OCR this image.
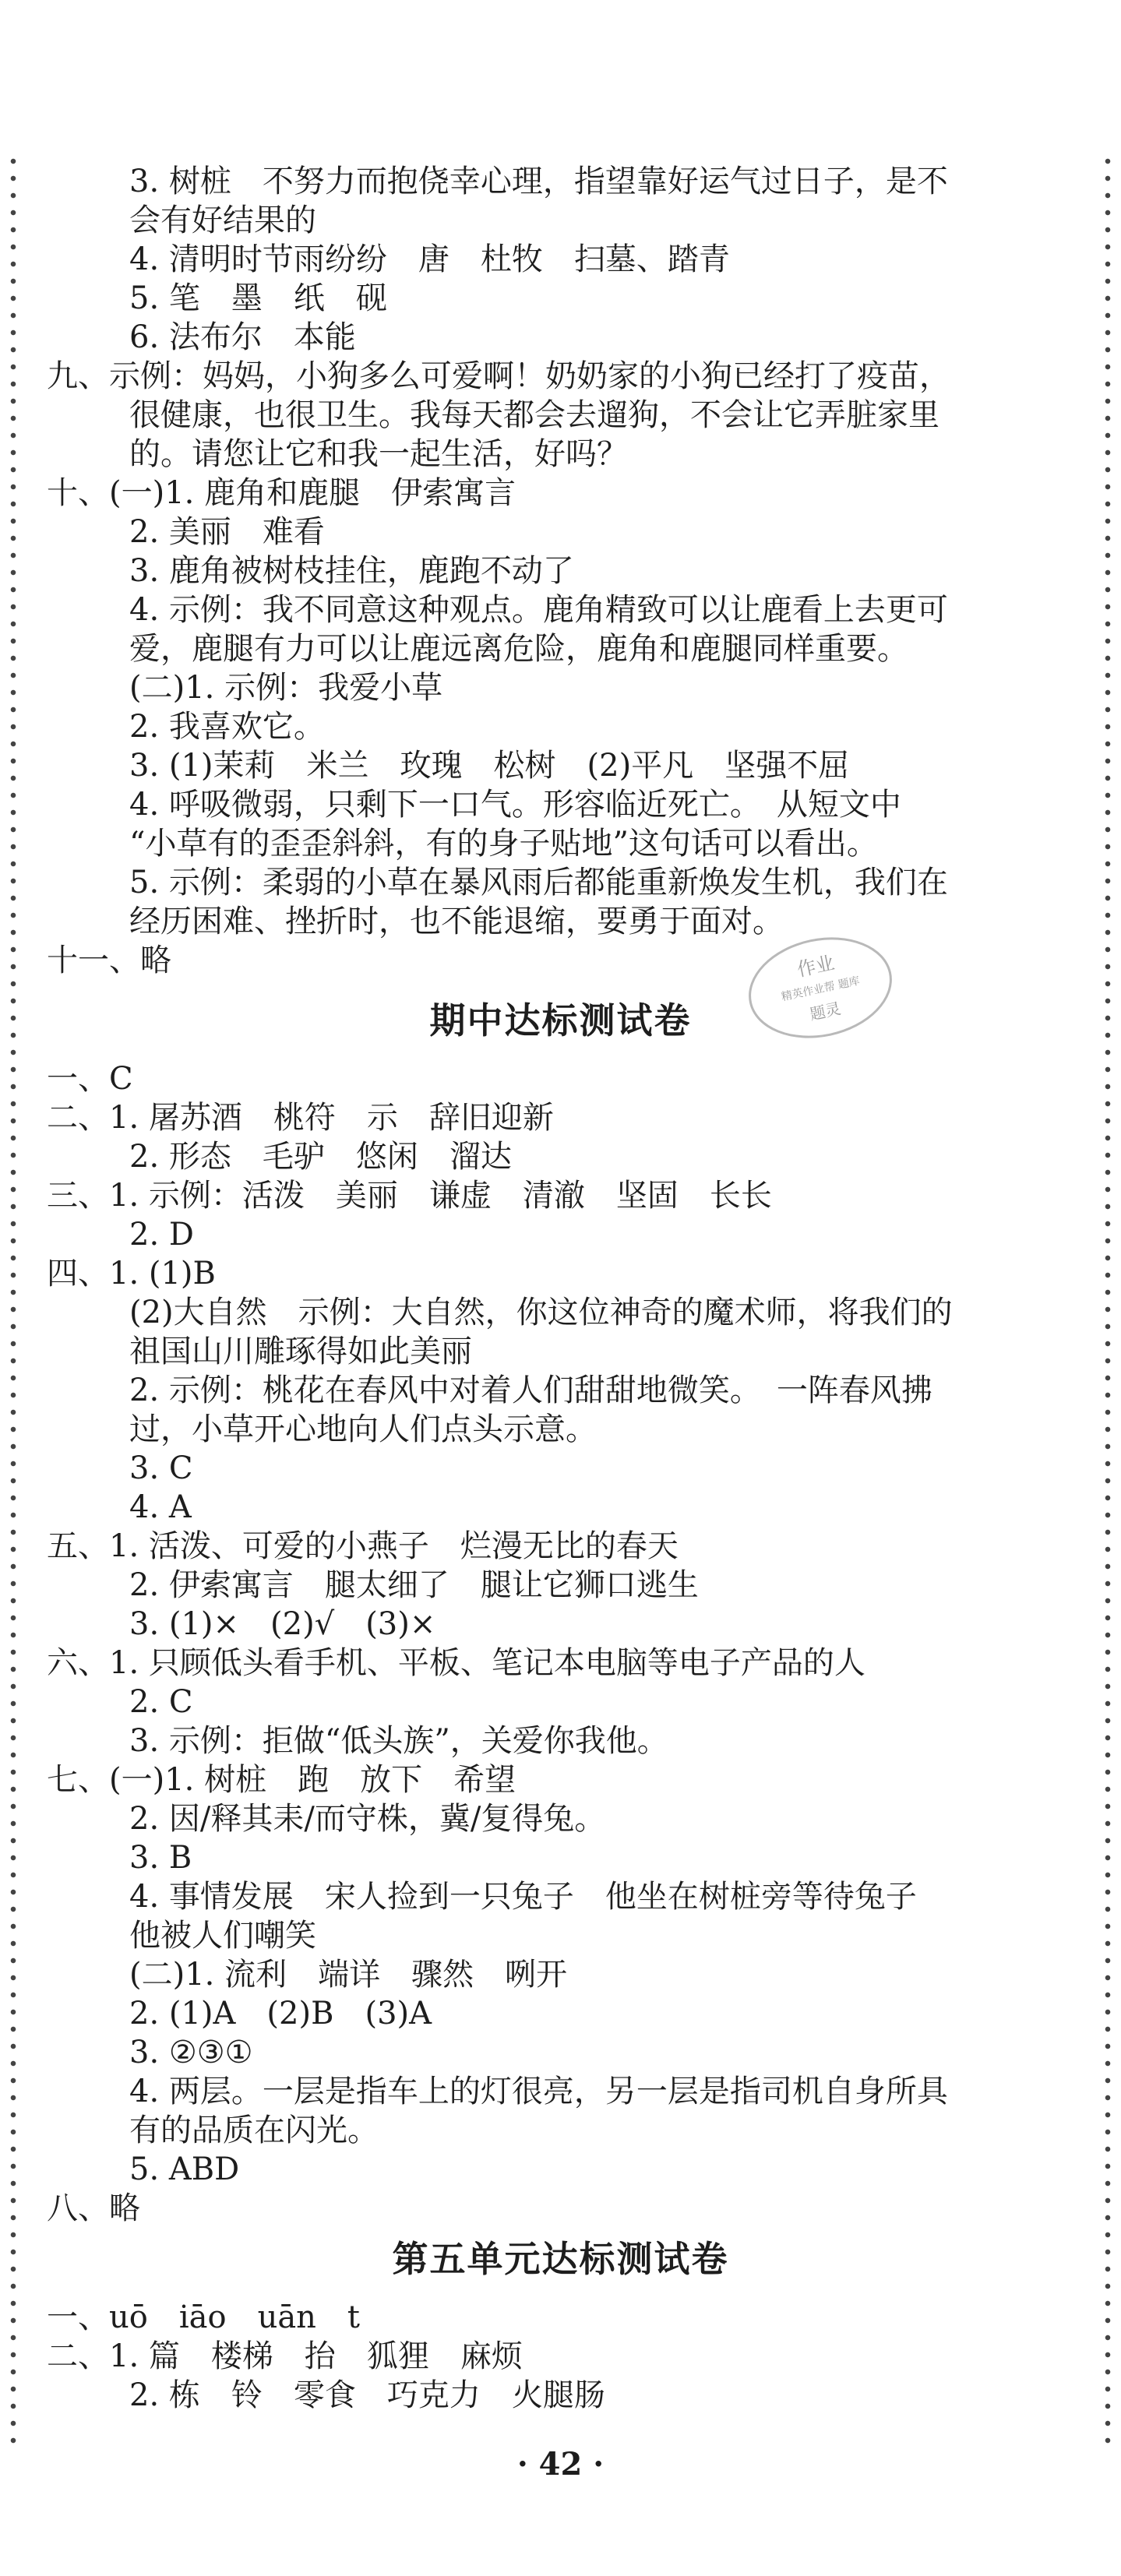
3. 树桩　不努力而抱侥幸心理，指望靠好运气过日子，是不
会有好结果的
4. 清明时节雨纷纷　唐　杜牧　扫墓、踏青
5. 笔　墨　纸　砚
6. 法布尔　本能
九、示例：妈妈，小狗多么可爱啊！奶奶家的小狗已经打了疫苗，
很健康，也很卫生。我每天都会去遛狗，不会让它弄脏家里
的。请您让它和我一起生活，好吗？
十、(一)1. 鹿角和鹿腿　伊索寓言
2. 美丽　难看
3. 鹿角被树枝挂住，鹿跑不动了
4. 示例：我不同意这种观点。鹿角精致可以让鹿看上去更可
爱，鹿腿有力可以让鹿远离危险，鹿角和鹿腿同样重要。
(二)1. 示例：我爱小草
2. 我喜欢它。
3. (1)茉莉　米兰　玫瑰　松树　(2)平凡　坚强不屈
4. 呼吸微弱，只剩下一口气。形容临近死亡。　从短文中
“小草有的歪歪斜斜，有的身子贴地”这句话可以看出。
5. 示例：柔弱的小草在暴风雨后都能重新焕发生机，我们在
经历困难、挫折时，也不能退缩，要勇于面对。
十一、略	作业
精英作业帮 题库
题灵
期中达标测试卷
一、C
二、1. 屠苏酒　桃符　示　辞旧迎新
2. 形态　毛驴　悠闲　溜达
三、1. 示例：活泼　美丽　谦虚　清澈　坚固　长长
2. D
四、1. (1)B
(2)大自然　示例：大自然，你这位神奇的魔术师，将我们的
祖国山川雕琢得如此美丽
2. 示例：桃花在春风中对着人们甜甜地微笑。　一阵春风拂
过，小草开心地向人们点头示意。
3. C
4. A
五、1. 活泼、可爱的小燕子　烂漫无比的春天
2. 伊索寓言　腿太细了　腿让它狮口逃生
3. (1)×　(2)√　(3)×
六、1. 只顾低头看手机、平板、笔记本电脑等电子产品的人
2. C
3. 示例：拒做“低头族”，关爱你我他。
七、(一)1. 树桩　跑　放下　希望
2. 因/释其耒/而守株，冀/复得兔。
3. B
4. 事情发展　宋人捡到一只兔子　他坐在树桩旁等待兔子
他被人们嘲笑
(二)1. 流利　端详　骤然　咧开
2. (1)A　(2)B　(3)A
3. ②③①
4. 两层。一层是指车上的灯很亮，另一层是指司机自身所具
有的品质在闪光。
5. ABD
八、略
第五单元达标测试卷
一、uō　iāo　uān　t
二、1. 篇　楼梯　抬　狐狸　麻烦
2. 栋　铃　零食　巧克力　火腿肠
· 42 ·
